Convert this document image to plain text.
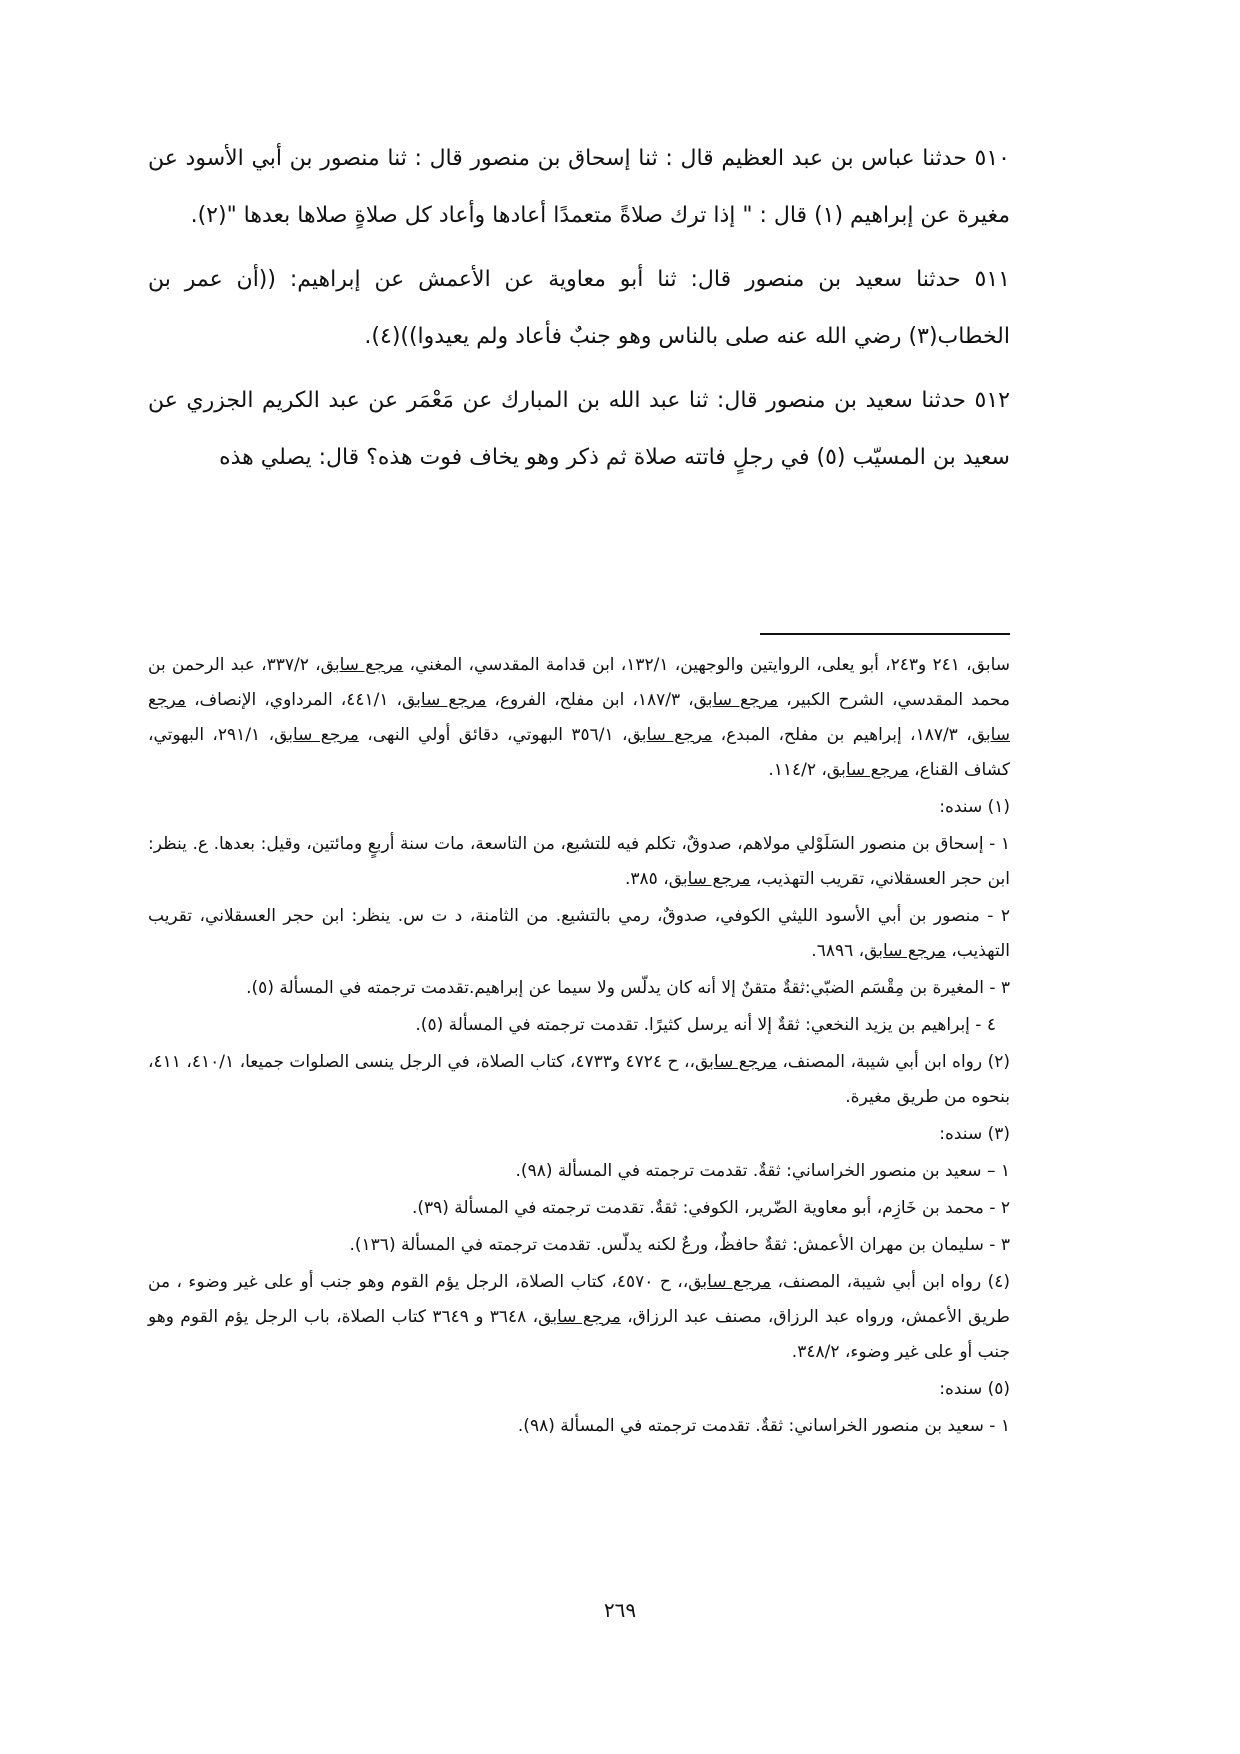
٥١٠ حدثنا عباس بن عبد العظيم قال : ثنا إسحاق بن منصور قال : ثنا منصور بن أبي الأسود عن مغيرة عن إبراهيم (١) قال : " إذا ترك صلاةً متعمدًا أعادها وأعاد كل صلاةٍ صلاها بعدها "(٢).

٥١١ حدثنا سعيد بن منصور قال: ثنا أبو معاوية عن الأعمش عن إبراهيم: ((أن عمر بن الخطاب(٣) رضي الله عنه صلى بالناس وهو جنبٌ فأعاد ولم يعيدوا))(٤).

٥١٢ حدثنا سعيد بن منصور قال: ثنا عبد الله بن المبارك عن مَعْمَر عن عبد الكريم الجزري عن سعيد بن المسيّب (٥) في رجلٍ فاتته صلاة ثم ذكر وهو يخاف فوت هذه؟ قال: يصلي هذه

سابق، ٢٤١ و٢٤٣، أبو يعلى، الروايتين والوجهين، ١٣٢/١، ابن قدامة المقدسي، المغني، مرجع سابق، ٣٣٧/٢، عبد الرحمن بن محمد المقدسي، الشرح الكبير، مرجع سابق، ١٨٧/٣، ابن مفلح، الفروع، مرجع سابق، ٤٤١/١، المرداوي، الإنصاف، مرجع سابق، ١٨٧/٣، إبراهيم بن مفلح، المبدع، مرجع سابق، ٣٥٦/١ البهوتي، دقائق أولي النهى، مرجع سابق، ٢٩١/١، البهوتي، كشاف القناع، مرجع سابق، ١١٤/٢.

(١) سنده:

١ - إسحاق بن منصور السَلَوْلي مولاهم، صدوقٌ، تكلم فيه للتشيع، من التاسعة، مات سنة أربعٍ ومائتين، وقيل: بعدها. ع. ينظر: ابن حجر العسقلاني، تقريب التهذيب، مرجع سابق، ٣٨٥.

٢ - منصور بن أبي الأسود الليثي الكوفي، صدوقٌ، رمي بالتشيع. من الثامنة، د ت س. ينظر: ابن حجر العسقلاني، تقريب التهذيب، مرجع سابق، ٦٨٩٦.

٣ - المغيرة بن مِقْسَم الضبّي:ثقةٌ متقنٌ إلا أنه كان يدلّس ولا سيما عن إبراهيم.تقدمت ترجمته في المسألة (٥).

٤ - إبراهيم بن يزيد النخعي: ثقةٌ إلا أنه يرسل كثيرًا. تقدمت ترجمته في المسألة (٥).

(٢) رواه ابن أبي شيبة، المصنف، مرجع سابق،، ح ٤٧٢٤ و٤٧٣٣، كتاب الصلاة، في الرجل ينسى الصلوات جميعا، ٤١٠/١، ٤١١، بنحوه من طريق مغيرة.

(٣) سنده:

١ – سعيد بن منصور الخراساني: ثقةٌ. تقدمت ترجمته في المسألة (٩٨).

٢ - محمد بن خَازِم، أبو معاوية الضّرير، الكوفي: ثقةٌ. تقدمت ترجمته في المسألة (٣٩).

٣ - سليمان بن مهران الأعمش: ثقةٌ حافظٌ، ورعٌ لكنه يدلّس. تقدمت ترجمته في المسألة (١٣٦).

(٤) رواه ابن أبي شيبة، المصنف، مرجع سابق،، ح ٤٥٧٠، كتاب الصلاة، الرجل يؤم القوم وهو جنب أو على غير وضوء ، من طريق الأعمش، ورواه عبد الرزاق، مصنف عبد الرزاق، مرجع سابق، ٣٦٤٨ و ٣٦٤٩ كتاب الصلاة، باب الرجل يؤم القوم وهو جنب أو على غير وضوء، ٣٤٨/٢.

(٥) سنده:

١ - سعيد بن منصور الخراساني: ثقةٌ. تقدمت ترجمته في المسألة (٩٨).

٢٦٩
